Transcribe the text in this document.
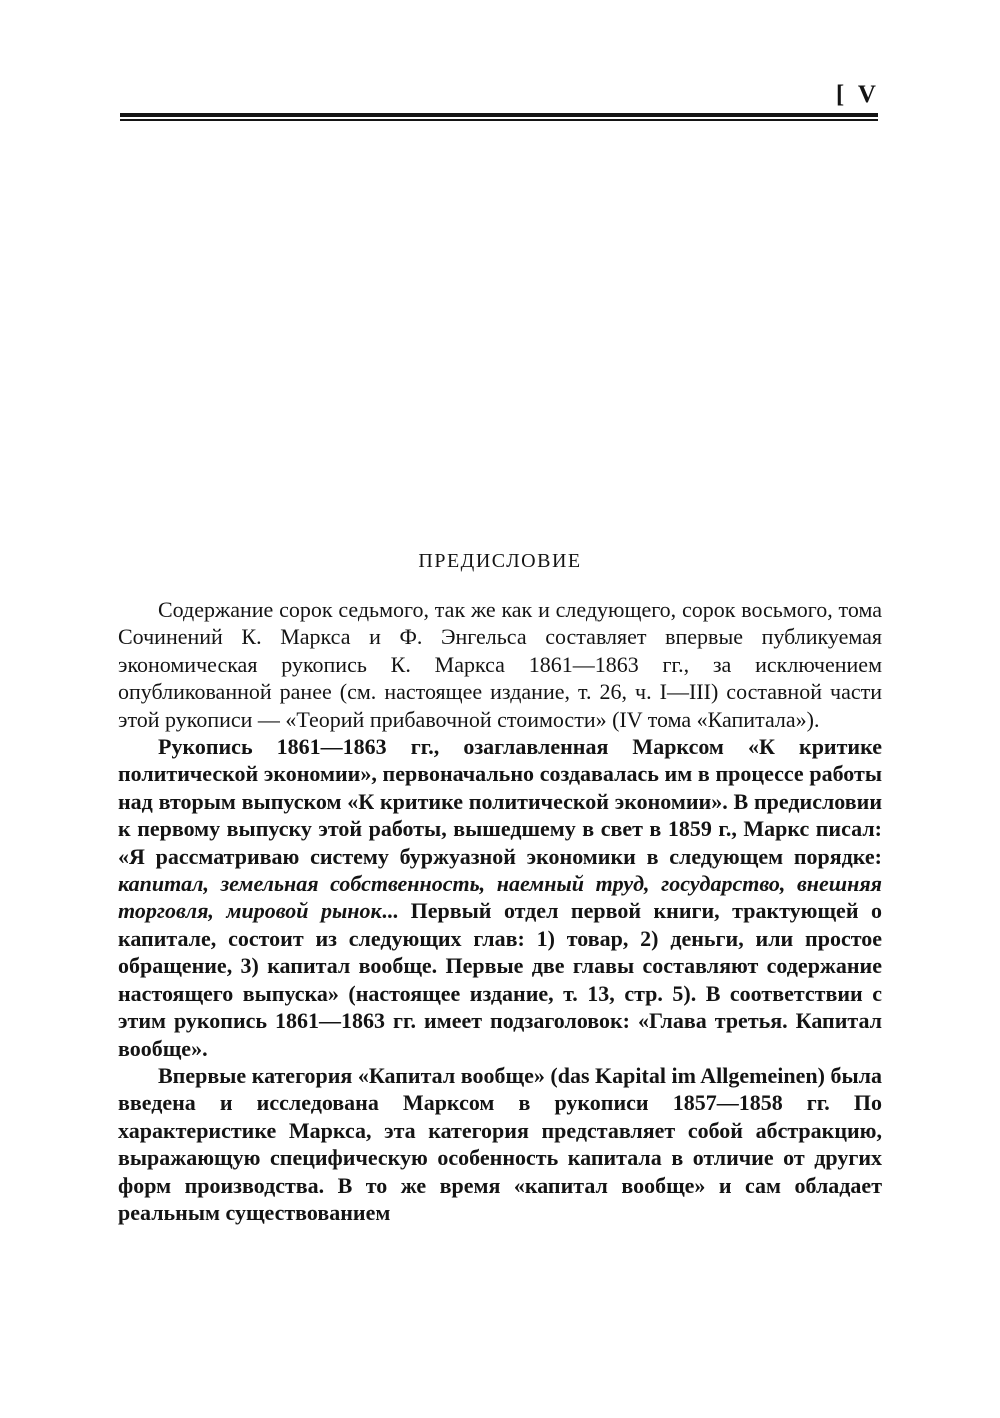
[ V
ПРЕДИСЛОВИЕ

Содержание сорок седьмого, так же как и следующего, сорок восьмого, тома Сочинений К. Маркса и Ф. Энгельса составляет впервые публикуемая экономическая рукопись К. Маркса 1861—1863 гг., за исключением опубликованной ранее (см. настоящее издание, т. 26, ч. I—III) составной части этой рукописи — «Теорий прибавочной стоимости» (IV тома «Капитала»).

Рукопись 1861—1863 гг., озаглавленная Марксом «К критике политической экономии», первоначально создавалась им в процессе работы над вторым выпуском «К критике политической экономии». В предисловии к первому выпуску этой работы, вышедшему в свет в 1859 г., Маркс писал: «Я рассматриваю систему буржуазной экономики в следующем порядке: капитал, земельная собственность, наемный труд, государство, внешняя торговля, мировой рынок... Первый отдел первой книги, трактующей о капитале, состоит из следующих глав: 1) товар, 2) деньги, или простое обращение, 3) капитал вообще. Первые две главы составляют содержание настоящего выпуска» (настоящее издание, т. 13, стр. 5). В соответствии с этим рукопись 1861—1863 гг. имеет подзаголовок: «Глава третья. Капитал вообще».

Впервые категория «Капитал вообще» (das Kapital im Allgemeinen) была введена и исследована Марксом в рукописи 1857—1858 гг. По характеристике Маркса, эта категория представляет собой абстракцию, выражающую специфическую особенность капитала в отличие от других форм производства. В то же время «капитал вообще» и сам обладает реальным существованием
